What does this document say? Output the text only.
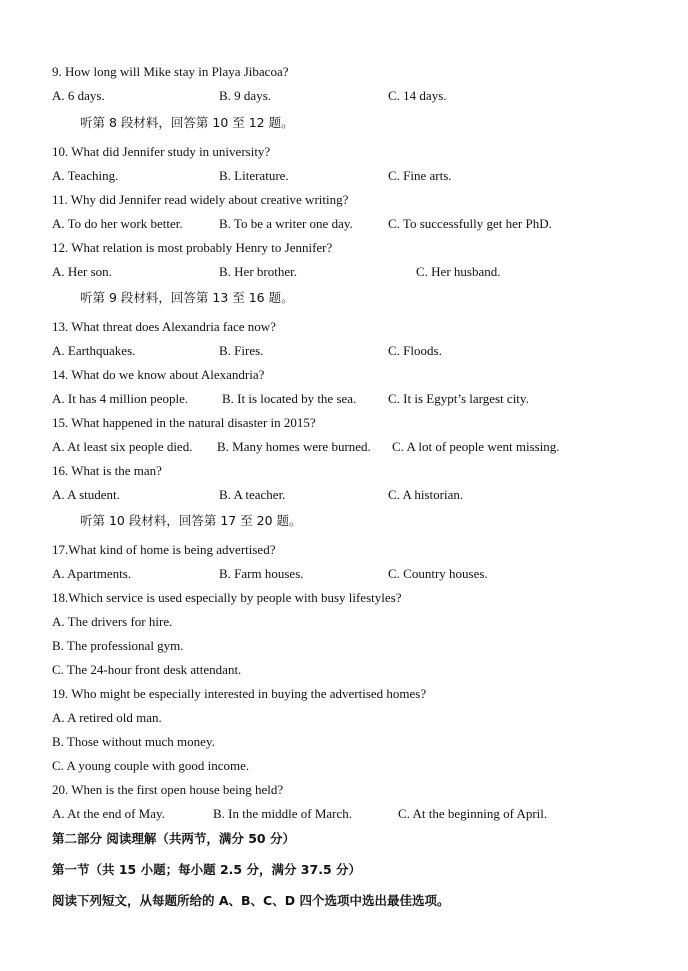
9. How long will Mike stay in Playa Jibacoa?
A. 6 days.	B. 9 days.	C. 14 days.
听第 8 段材料，回答第 10 至 12 题。
10. What did Jennifer study in university?
A. Teaching.	B. Literature.	C. Fine arts.
11. Why did Jennifer read widely about creative writing?
A. To do her work better.	B. To be a writer one day.	C. To successfully get her PhD.
12. What relation is most probably Henry to Jennifer?
A. Her son.	B. Her brother.	C. Her husband.
听第 9 段材料，回答第 13 至 16 题。
13. What threat does Alexandria face now?
A. Earthquakes.	B. Fires.	C. Floods.
14. What do we know about Alexandria?
A. It has 4 million people.	B. It is located by the sea. C. It is Egypt’s largest city.
15. What happened in the natural disaster in 2015?
A. At least six people died. B. Many homes were burned. C. A lot of people went missing.
16. What is the man?
A. A student.	B. A teacher.	C. A historian.
听第 10 段材料，回答第 17 至 20 题。
17.What kind of home is being advertised?
A. Apartments.	B. Farm houses.	C. Country houses.
18.Which service is used especially by people with busy lifestyles?
A. The drivers for hire.
B. The professional gym.
C. The 24-hour front desk attendant.
19. Who might be especially interested in buying the advertised homes?
A. A retired old man.
B. Those without much money.
C. A young couple with good income.
20. When is the first open house being held?
A. At the end of May.	B. In the middle of March.	C. At the beginning of April.
第二部分 阅读理解（共两节，满分 50 分）
第一节（共 15 小题；每小题 2.5 分，满分 37.5 分）
阅读下列短文，从每题所给的 A、B、C、D 四个选项中选出最佳选项。
